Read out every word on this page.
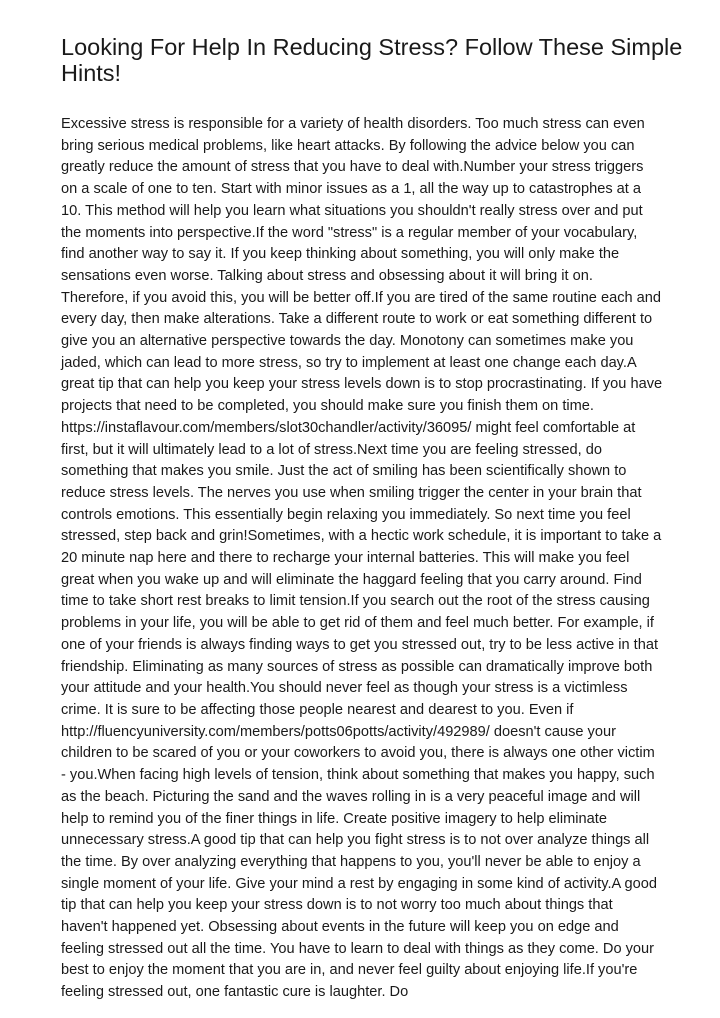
Looking For Help In Reducing Stress? Follow These Simple
Hints!
Excessive stress is responsible for a variety of health disorders. Too much stress can even
bring serious medical problems, like heart attacks. By following the advice below you can
greatly reduce the amount of stress that you have to deal with.Number your stress triggers
on a scale of one to ten. Start with minor issues as a 1, all the way up to catastrophes at a
10. This method will help you learn what situations you shouldn't really stress over and put
the moments into perspective.If the word "stress" is a regular member of your vocabulary,
find another way to say it. If you keep thinking about something, you will only make the
sensations even worse. Talking about stress and obsessing about it will bring it on.
Therefore, if you avoid this, you will be better off.If you are tired of the same routine each and
every day, then make alterations. Take a different route to work or eat something different to
give you an alternative perspective towards the day. Monotony can sometimes make you
jaded, which can lead to more stress, so try to implement at least one change each day.A
great tip that can help you keep your stress levels down is to stop procrastinating. If you have
projects that need to be completed, you should make sure you finish them on time.
https://instaflavour.com/members/slot30chandler/activity/36095/ might feel comfortable at
first, but it will ultimately lead to a lot of stress.Next time you are feeling stressed, do
something that makes you smile. Just the act of smiling has been scientifically shown to
reduce stress levels. The nerves you use when smiling trigger the center in your brain that
controls emotions. This essentially begin relaxing you immediately. So next time you feel
stressed, step back and grin!Sometimes, with a hectic work schedule, it is important to take a
20 minute nap here and there to recharge your internal batteries. This will make you feel
great when you wake up and will eliminate the haggard feeling that you carry around. Find
time to take short rest breaks to limit tension.If you search out the root of the stress causing
problems in your life, you will be able to get rid of them and feel much better. For example, if
one of your friends is always finding ways to get you stressed out, try to be less active in that
friendship. Eliminating as many sources of stress as possible can dramatically improve both
your attitude and your health.You should never feel as though your stress is a victimless
crime. It is sure to be affecting those people nearest and dearest to you. Even if
http://fluencyuniversity.com/members/potts06potts/activity/492989/ doesn't cause your
children to be scared of you or your coworkers to avoid you, there is always one other victim
- you.When facing high levels of tension, think about something that makes you happy, such
as the beach. Picturing the sand and the waves rolling in is a very peaceful image and will
help to remind you of the finer things in life. Create positive imagery to help eliminate
unnecessary stress.A good tip that can help you fight stress is to not over analyze things all
the time. By over analyzing everything that happens to you, you'll never be able to enjoy a
single moment of your life. Give your mind a rest by engaging in some kind of activity.A good
tip that can help you keep your stress down is to not worry too much about things that
haven't happened yet. Obsessing about events in the future will keep you on edge and
feeling stressed out all the time. You have to learn to deal with things as they come. Do your
best to enjoy the moment that you are in, and never feel guilty about enjoying life.If you're
feeling stressed out, one fantastic cure is laughter. Do
